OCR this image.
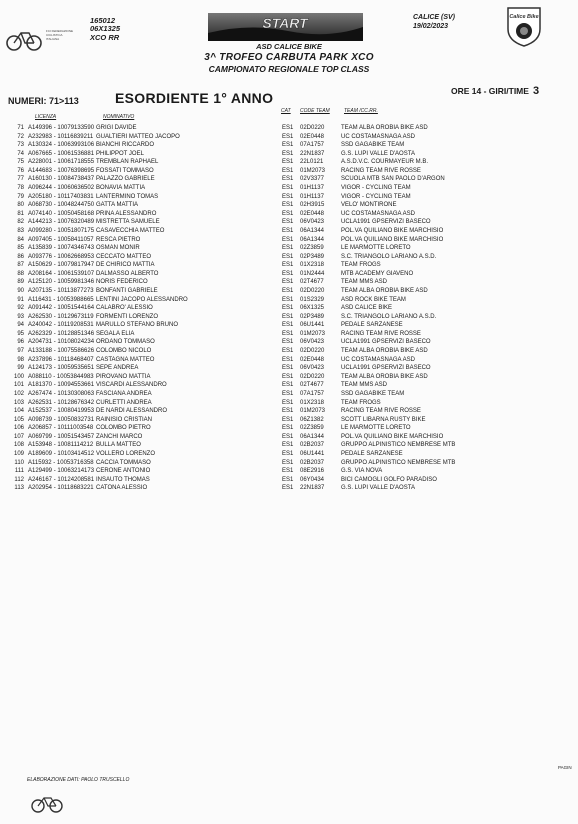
FCI FEDERAZIONE CICLISTICA ITALIANA
165012
06X1325
XCO RR
START	CALICE (SV)
19/02/2023
Calice Bike
ASD CALICE BIKE
3^ TROFEO CARBUTA PARK XCO
CAMPIONATO REGIONALE TOP CLASS
NUMERI: 71>113	ESORDIENTE 1° ANNO	ORE 14 - GIRI/TIME 3
LICENZA	NOMINATIVO
CAT CODE TEAM	TEAM /CC.RR.
71 A149396 - 10079133590 GRIGI DAVIDE	ES1 02D0220	TEAM ALBA OROBIA BIKE ASD
72 A232983 - 10116839211 GUALTIERI MATTEO JACOPO	ES1 02E0448	UC COSTAMASNAGA ASD
73 A130324 - 10063993106 BIANCHI RICCARDO	ES1 07A1757	SSD GAGABIKE TEAM
74 A067665 - 10061536881 PHILIPPOT JOEL	ES1 22N1837	G.S. LUPI VALLE D'AOSTA
75 A228001 - 10061718555 TREMBLAN RAPHAEL	ES1 22L0121	A.S.D.V.C. COURMAYEUR M.B.
76 A144683 - 10076398695 FOSSATI TOMMASO	ES1 01M2073	RACING TEAM RIVE ROSSE
77 A160130 - 10084738437 PALAZZO GABRIELE	ES1 02V3377	SCUOLA MTB SAN PAOLO D'ARGON
78 A096244 - 10060636502 BONAVIA MATTIA	ES1 01H1137	VIGOR - CYCLING TEAM
79 A205180 - 10117403831 LANTERMINO TOMAS	ES1 01H1137	VIGOR - CYCLING TEAM
80 A068730 - 10048244750 GATTA MATTIA	ES1 02H3915	VELO' MONTIRONE
81 A074140 - 10050458168 PRINA ALESSANDRO	ES1 02E0448	UC COSTAMASNAGA ASD
82 A144213 - 10076320489 MISTRETTA SAMUELE	ES1 06V0423	UCLA1991 GPSERVIZI BASECO
83 A099280 - 10051807175 CASAVECCHIA MATTEO	ES1 06A1344	POL.VA QUILIANO BIKE MARCHISIO
84 A097405 - 10058411057 RESCA PIETRO	ES1 06A1344	POL.VA QUILIANO BIKE MARCHISIO
85 A135839 - 10074346743 OSMAN MONIR	ES1 02Z3859	LE MARMOTTE LORETO
86 A093776 - 10062668953 CECCATO MATTEO	ES1 02P3489	S.C. TRIANGOLO LARIANO A.S.D.
87 A150629 - 10079817947 DE CHIRICO MATTIA	ES1 01X2318	TEAM FROGS
88 A208164 - 10061539107 DALMASSO ALBERTO	ES1 01N2444	MTB ACADEMY GIAVENO
89 A125120 - 10059981346 NORIS FEDERICO	ES1 02T4677	TEAM MMS ASD
90 A207135 - 10113877273 BONFANTI GABRIELE	ES1 02D0220	TEAM ALBA OROBIA BIKE ASD
91 A116431 - 10053988665 LENTINI JACOPO ALESSANDRO	ES1 01S2329	ASD ROCK BIKE TEAM
92 A091442 - 10051544164 CALABRO' ALESSIO	ES1 06X1325	ASD CALICE BIKE
93 A262530 - 10129673119 FORMENTI LORENZO	ES1 02P3489	S.C. TRIANGOLO LARIANO A.S.D.
94 A240042 - 10119208531 MARULLO STEFANO BRUNO	ES1 06U1441	PEDALE SARZANESE
95 A262329 - 10128851346 SEGALA ELIA	ES1 01M2073	RACING TEAM RIVE ROSSE
96 A204731 - 10108024234 ORDANO TOMMASO	ES1 06V0423	UCLA1991 GPSERVIZI BASECO
97 A133188 - 10075586626 COLOMBO NICOLO	ES1 02D0220	TEAM ALBA OROBIA BIKE ASD
98 A237896 - 10118468407 CASTAGNA MATTEO	ES1 02E0448	UC COSTAMASNAGA ASD
99 A124173 - 10059535651 SEPE ANDREA	ES1 06V0423	UCLA1991 GPSERVIZI BASECO
100 A088110 - 10053844983 PIROVANO MATTIA	ES1 02D0220	TEAM ALBA OROBIA BIKE ASD
101 A181370 - 10094553661 VISCARDI ALESSANDRO	ES1 02T4677	TEAM MMS ASD
102 A267474 - 10130308063 FASCIANA ANDREA	ES1 07A1757	SSD GAGABIKE TEAM
103 A262531 - 10128676342 CURLETTI ANDREA	ES1 01X2318	TEAM FROGS
104 A152537 - 10080419953 DE NARDI ALESSANDRO	ES1 01M2073	RACING TEAM RIVE ROSSE
105 A098739 - 10050832731 RAINISIO CRISTIAN	ES1 06Z1382	SCOTT LIBARNA RUSTY BIKE
106 A206857 - 10111003548 COLOMBO PIETRO	ES1 02Z3859	LE MARMOTTE LORETO
107 A069799 - 10051543457 ZANCHI MARCO	ES1 06A1344	POL.VA QUILIANO BIKE MARCHISIO
108 A153948 - 10081114212 BULLA MATTEO	ES1 02B2037	GRUPPO ALPINISTICO NEMBRESE MTB
109 A189609 - 10103414512 VOLLERO LORENZO	ES1 06U1441	PEDALE SARZANESE
110 A115932 - 10053716358 CACCIA TOMMASO	ES1 02B2037	GRUPPO ALPINISTICO NEMBRESE MTB
111 A129499 - 10063214173 CERONE ANTONIO	ES1 08E2916	G.S. VIA NOVA
112 A246167 - 10124208581 INSAUTO THOMAS	ES1 06Y0434	BICI CAMOGLI GOLFO PARADISO
113 A202954 - 10118683221 CATONA ALESSIO	ES1 22N1837	G.S. LUPI VALLE D'AOSTA
ELABORAZIONE DATI: PAOLO TRUSCELLO
PAGIN
